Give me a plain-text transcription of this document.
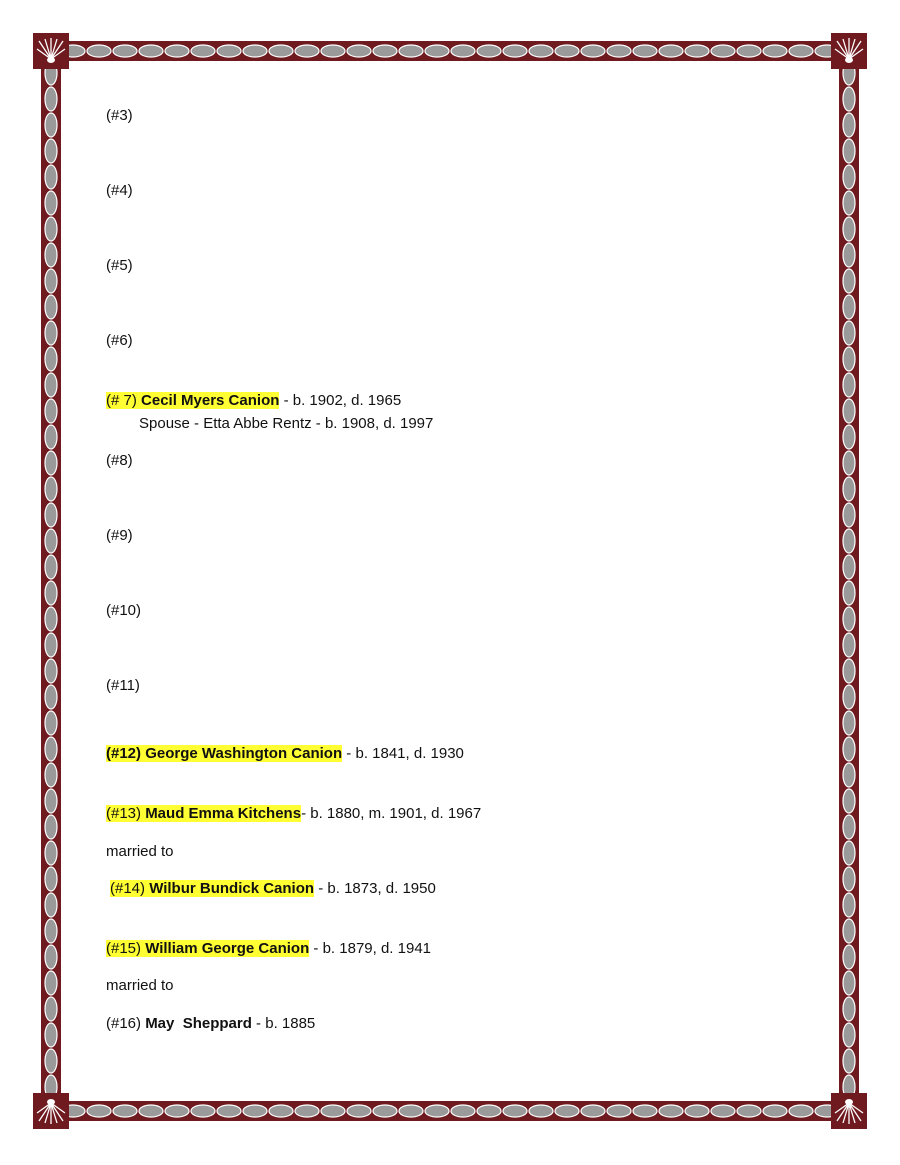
(#3)
(#4)
(#5)
(#6)
(# 7) Cecil Myers Canion - b. 1902, d. 1965
Spouse - Etta Abbe Rentz - b. 1908, d. 1997
(#8)
(#9)
(#10)
(#11)
(#12) George Washington Canion - b. 1841, d. 1930
(#13) Maud Emma Kitchens- b. 1880, m. 1901, d. 1967
married to
(#14) Wilbur Bundick Canion - b. 1873, d. 1950
(#15) William George Canion - b. 1879, d. 1941
married to
(#16) May  Sheppard - b. 1885
